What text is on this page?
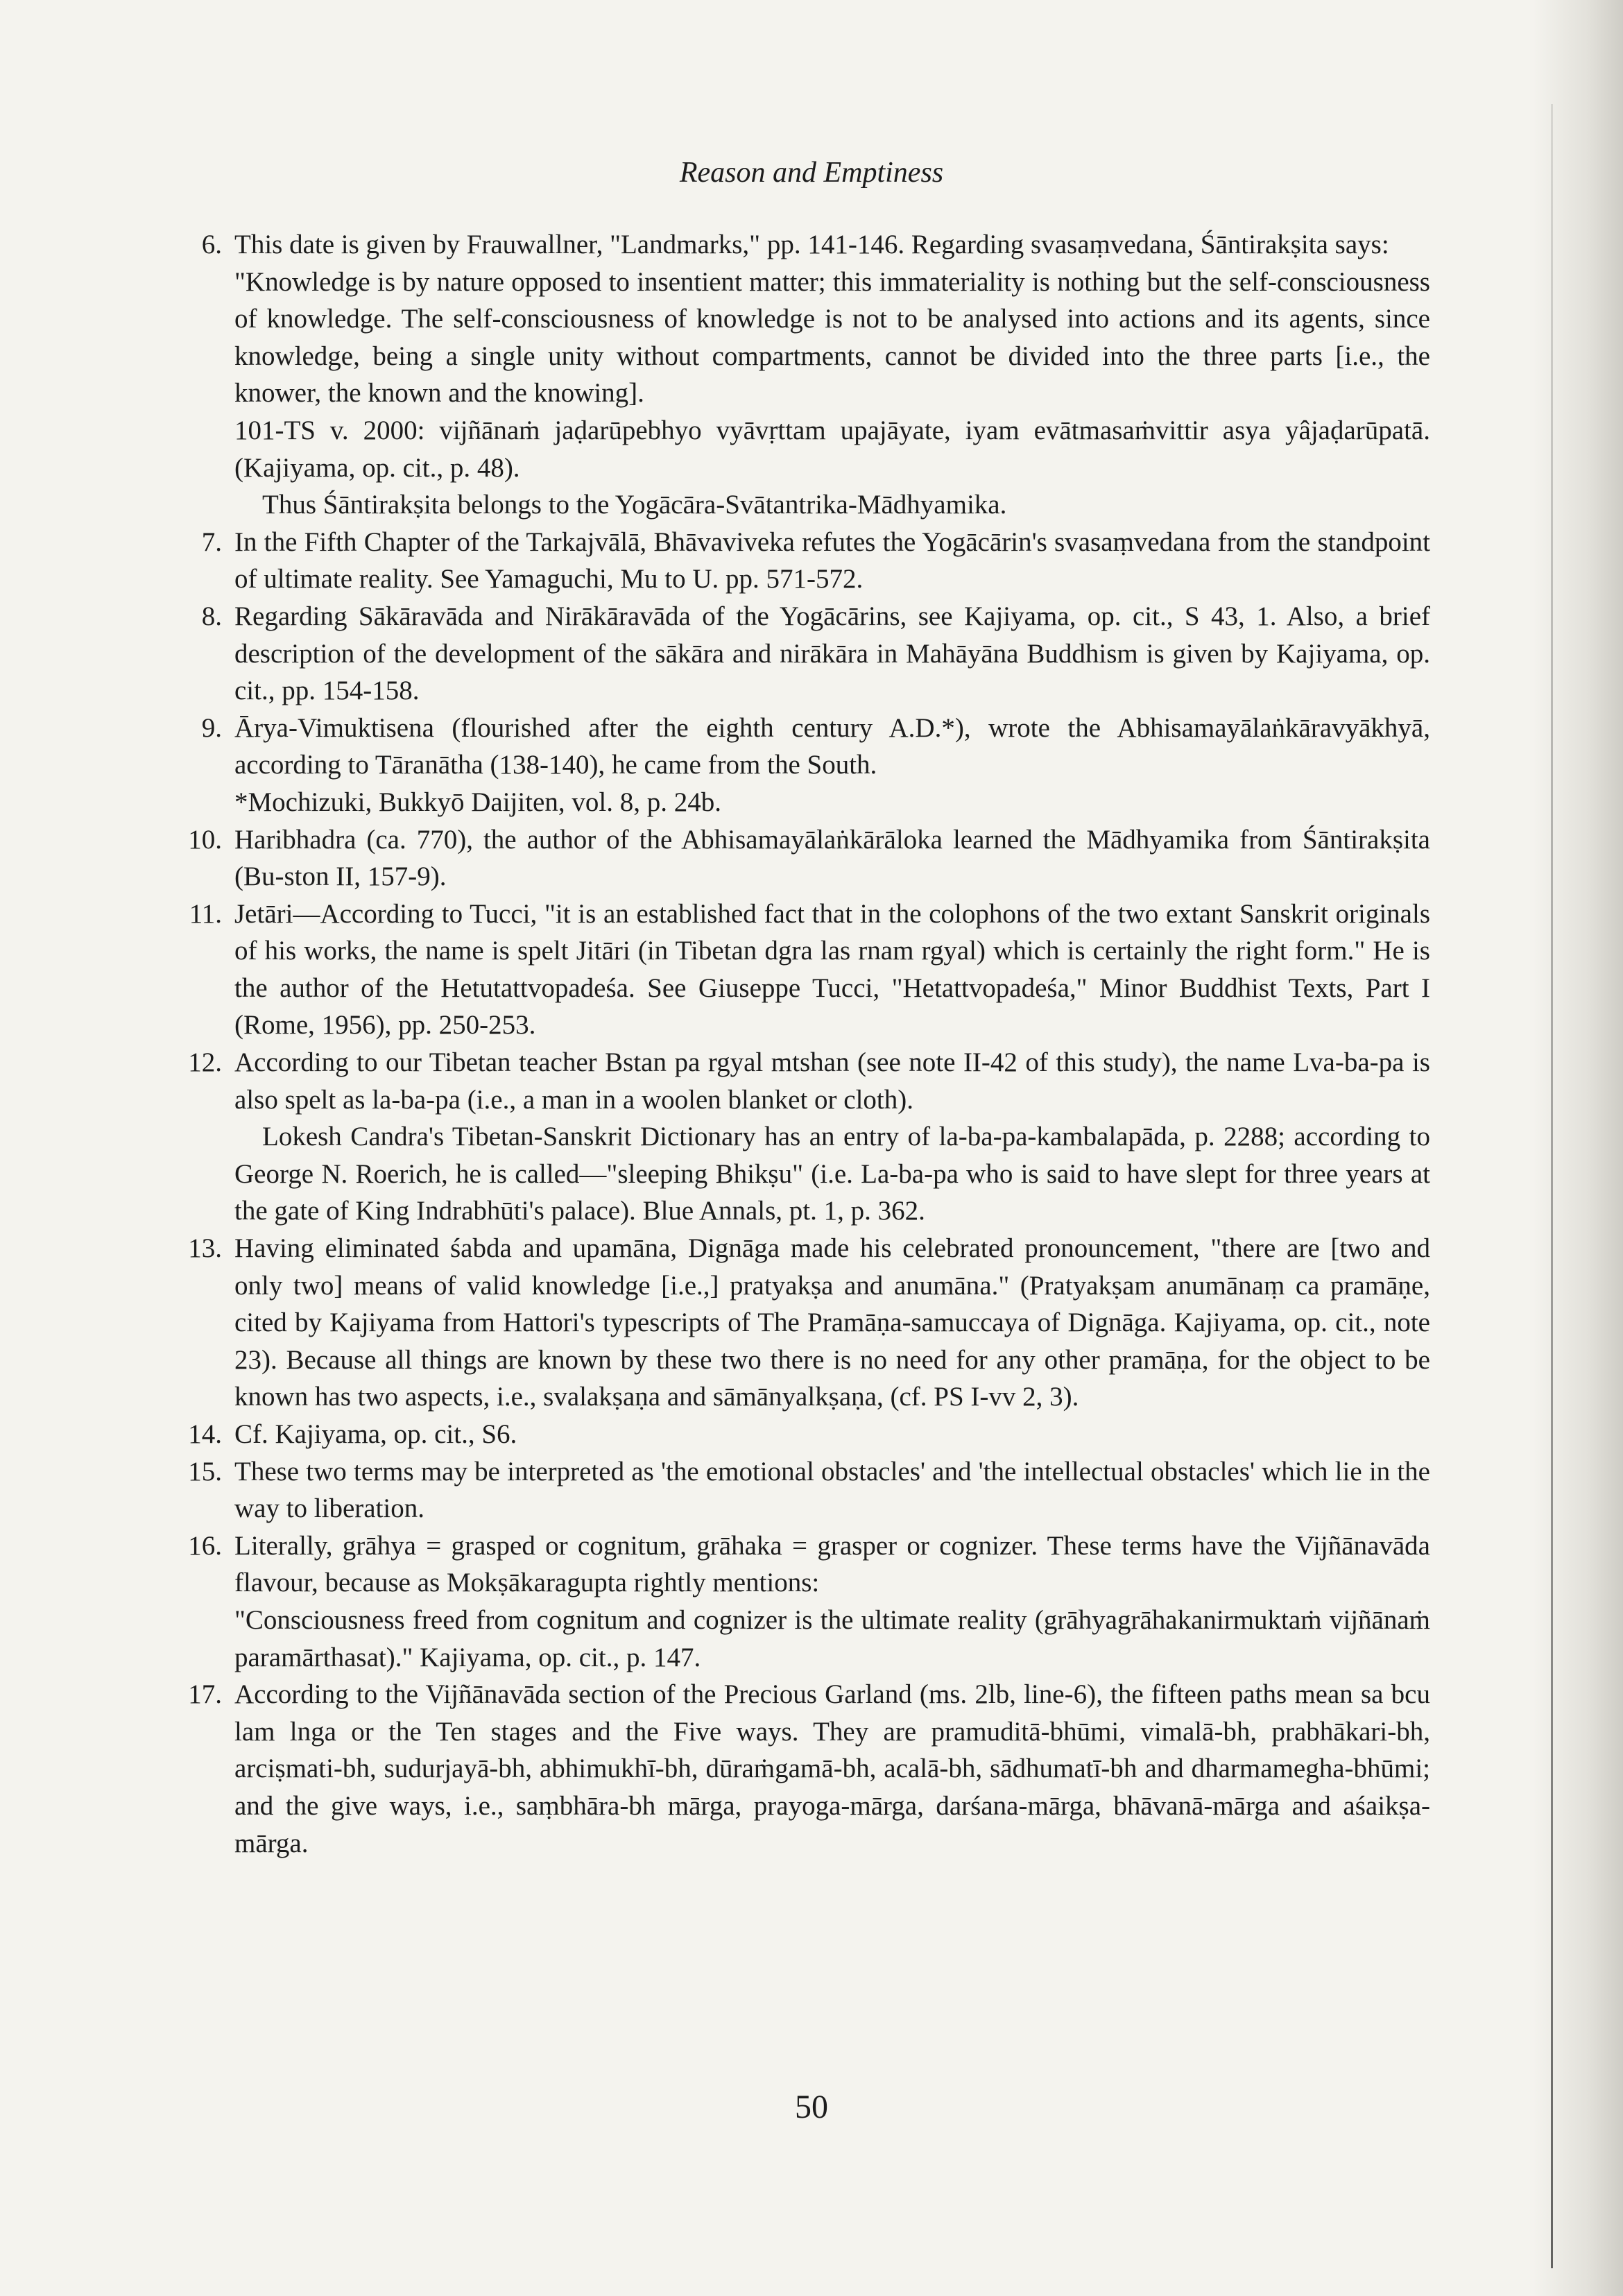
Reason and Emptiness
6. This date is given by Frauwallner, "Landmarks," pp. 141-146. Regarding svasaṃvedana, Śāntirakṣita says:

"Knowledge is by nature opposed to insentient matter; this immateriality is nothing but the self-consciousness of knowledge. The self-consciousness of knowledge is not to be analysed into actions and its agents, since knowledge, being a single unity without compartments, cannot be divided into the three parts [i.e., the knower, the known and the knowing].

101-TS v. 2000: vijñānaṁ jaḍarūpebhyo vyāvṛttam upajāyate, iyam evātmasaṁvittir asya yâjaḍarūpatā. (Kajiyama, op. cit., p. 48).

Thus Śāntirakṣita belongs to the Yogācāra-Svātantrika-Mādhyamika.

7. In the Fifth Chapter of the Tarkajvālā, Bhāvaviveka refutes the Yogācārin's svasaṃvedana from the standpoint of ultimate reality. See Yamaguchi, Mu to U. pp. 571-572.

8. Regarding Sākāravāda and Nirākāravāda of the Yogācārins, see Kajiyama, op. cit., S 43, 1. Also, a brief description of the development of the sākāra and nirākāra in Mahāyāna Buddhism is given by Kajiyama, op. cit., pp. 154-158.

9. Ārya-Vimuktisena (flourished after the eighth century A.D.*), wrote the Abhisamayālaṅkāravyākhyā, according to Tāranātha (138-140), he came from the South.

*Mochizuki, Bukkyō Daijiten, vol. 8, p. 24b.

10. Haribhadra (ca. 770), the author of the Abhisamayālaṅkārāloka learned the Mādhyamika from Śāntirakṣita (Bu-ston II, 157-9).

11. Jetāri—According to Tucci, "it is an established fact that in the colophons of the two extant Sanskrit originals of his works, the name is spelt Jitāri (in Tibetan dgra las rnam rgyal) which is certainly the right form." He is the author of the Hetutattvopadeśa. See Giuseppe Tucci, "Hetattvopadeśa," Minor Buddhist Texts, Part I (Rome, 1956), pp. 250-253.

12. According to our Tibetan teacher Bstan pa rgyal mtshan (see note II-42 of this study), the name Lva-ba-pa is also spelt as la-ba-pa (i.e., a man in a woolen blanket or cloth).

Lokesh Candra's Tibetan-Sanskrit Dictionary has an entry of la-ba-pa-kambalapāda, p. 2288; according to George N. Roerich, he is called—"sleeping Bhikṣu" (i.e. La-ba-pa who is said to have slept for three years at the gate of King Indrabhūti's palace). Blue Annals, pt. 1, p. 362.

13. Having eliminated śabda and upamāna, Dignāga made his celebrated pronouncement, "there are [two and only two] means of valid knowledge [i.e.,] pratyakṣa and anumāna." (Pratyakṣam anumānaṃ ca pramāṇe, cited by Kajiyama from Hattori's typescripts of The Pramāṇa-samuccaya of Dignāga. Kajiyama, op. cit., note 23). Because all things are known by these two there is no need for any other pramāṇa, for the object to be known has two aspects, i.e., svalakṣaṇa and sāmānyalkṣaṇa, (cf. PS I-vv 2, 3).

14. Cf. Kajiyama, op. cit., S6.

15. These two terms may be interpreted as 'the emotional obstacles' and 'the intellectual obstacles' which lie in the way to liberation.

16. Literally, grāhya = grasped or cognitum, grāhaka = grasper or cognizer. These terms have the Vijñānavāda flavour, because as Mokṣākaragupta rightly mentions:

"Consciousness freed from cognitum and cognizer is the ultimate reality (grāhyagrāhakanirmuktaṁ vijñānaṁ paramārthasat)." Kajiyama, op. cit., p. 147.

17. According to the Vijñānavāda section of the Precious Garland (ms. 2lb, line-6), the fifteen paths mean sa bcu lam lnga or the Ten stages and the Five ways. They are pramuditā-bhūmi, vimalā-bh, prabhākari-bh, arciṣmati-bh, sudurjayā-bh, abhimukhī-bh, dūraṁgamā-bh, acalā-bh, sādhumatī-bh and dharmamegha-bhūmi; and the give ways, i.e., saṃbhāra-bh mārga, prayoga-mārga, darśana-mārga, bhāvanā-mārga and aśaikṣa-mārga.

50
